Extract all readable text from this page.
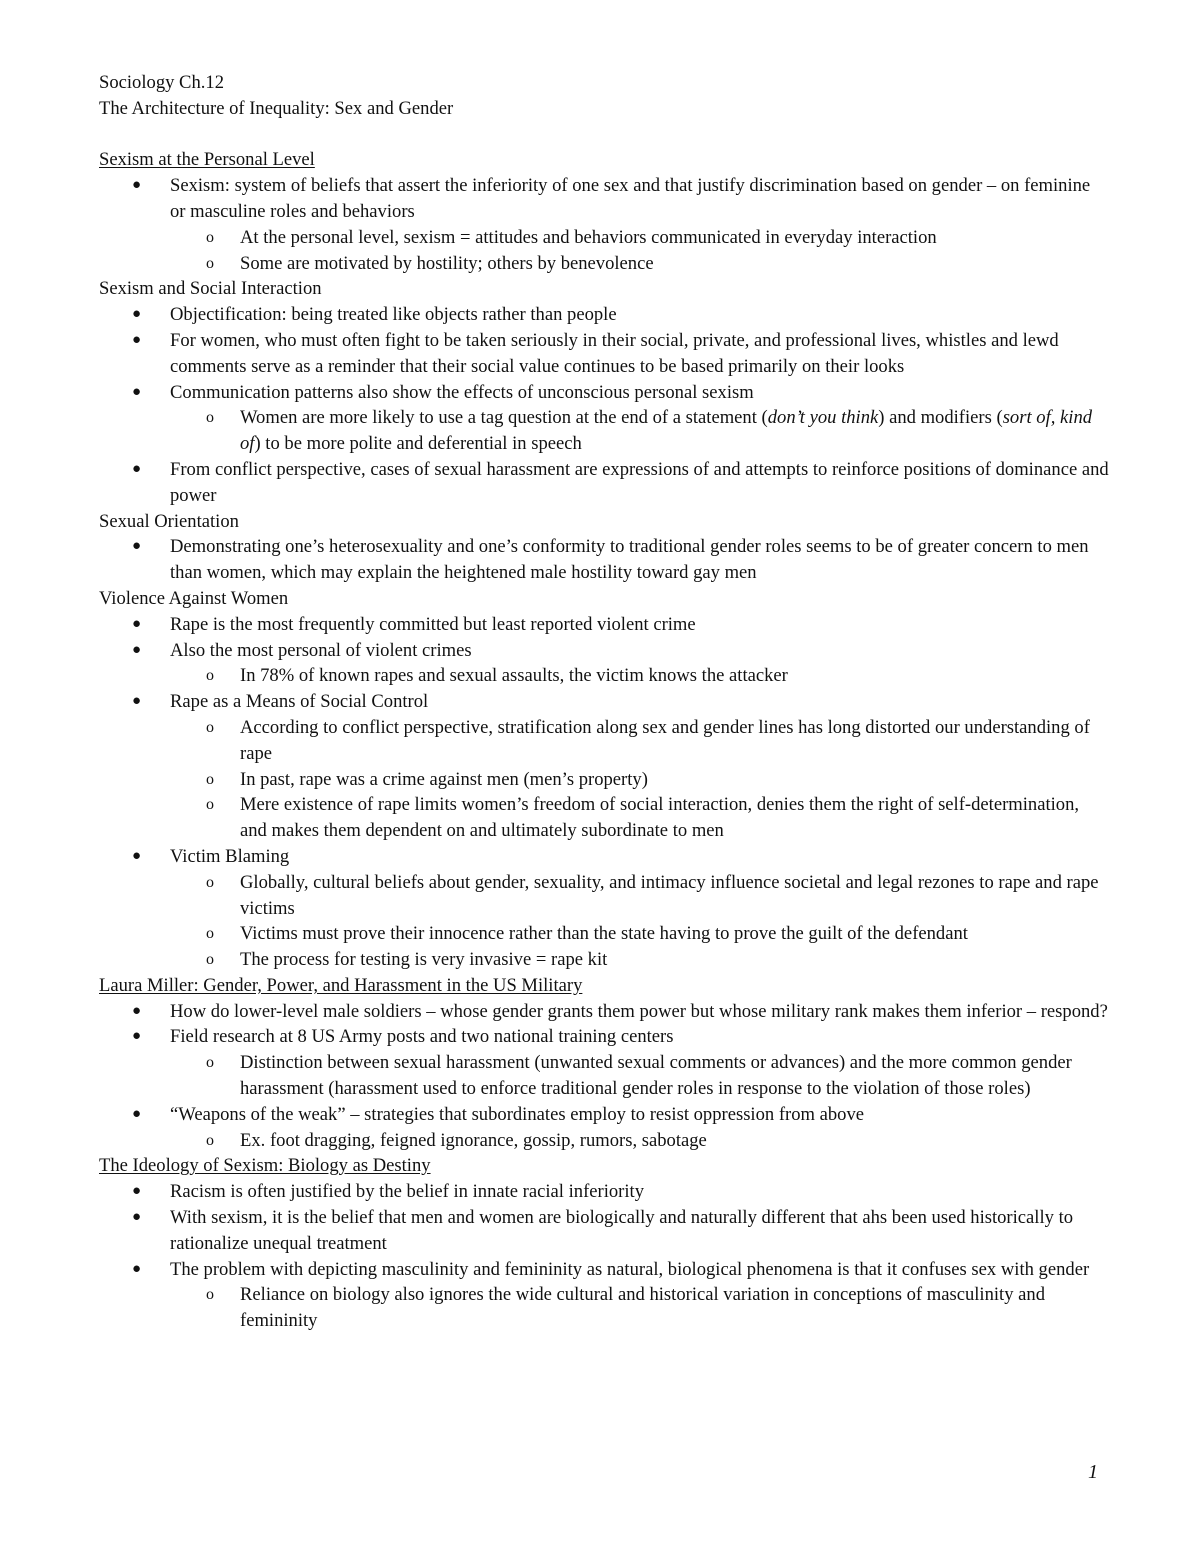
Sociology Ch.12

The Architecture of Inequality: Sex and Gender

Sexism at the Personal Level

● Sexism: system of beliefs that assert the inferiority of one sex and that justify discrimination based on gender – on feminine or masculine roles and behaviors
o At the personal level, sexism = attitudes and behaviors communicated in everyday interaction
o Some are motivated by hostility; others by benevolence

Sexism and Social Interaction

● Objectification: being treated like objects rather than people
● For women, who must often fight to be taken seriously in their social, private, and professional lives, whistles and lewd comments serve as a reminder that their social value continues to be based primarily on their looks
● Communication patterns also show the effects of unconscious personal sexism
o Women are more likely to use a tag question at the end of a statement (don’t you think) and modifiers (sort of, kind of) to be more polite and deferential in speech
● From conflict perspective, cases of sexual harassment are expressions of and attempts to reinforce positions of dominance and power

Sexual Orientation

● Demonstrating one’s heterosexuality and one’s conformity to traditional gender roles seems to be of greater concern to men than women, which may explain the heightened male hostility toward gay men

Violence Against Women

● Rape is the most frequently committed but least reported violent crime
● Also the most personal of violent crimes
o In 78% of known rapes and sexual assaults, the victim knows the attacker
● Rape as a Means of Social Control
o According to conflict perspective, stratification along sex and gender lines has long distorted our understanding of rape
o In past, rape was a crime against men (men’s property)
o Mere existence of rape limits women’s freedom of social interaction, denies them the right of self-determination, and makes them dependent on and ultimately subordinate to men
● Victim Blaming
o Globally, cultural beliefs about gender, sexuality, and intimacy influence societal and legal rezones to rape and rape victims
o Victims must prove their innocence rather than the state having to prove the guilt of the defendant
o The process for testing is very invasive = rape kit

Laura Miller: Gender, Power, and Harassment in the US Military

● How do lower-level male soldiers – whose gender grants them power but whose military rank makes them inferior – respond?
● Field research at 8 US Army posts and two national training centers
o Distinction between sexual harassment (unwanted sexual comments or advances) and the more common gender harassment (harassment used to enforce traditional gender roles in response to the violation of those roles)
● “Weapons of the weak” – strategies that subordinates employ to resist oppression from above
o Ex. foot dragging, feigned ignorance, gossip, rumors, sabotage

The Ideology of Sexism: Biology as Destiny

● Racism is often justified by the belief in innate racial inferiority
● With sexism, it is the belief that men and women are biologically and naturally different that ahs been used historically to rationalize unequal treatment
● The problem with depicting masculinity and femininity as natural, biological phenomena is that it confuses sex with gender
o Reliance on biology also ignores the wide cultural and historical variation in conceptions of masculinity and femininity
1
